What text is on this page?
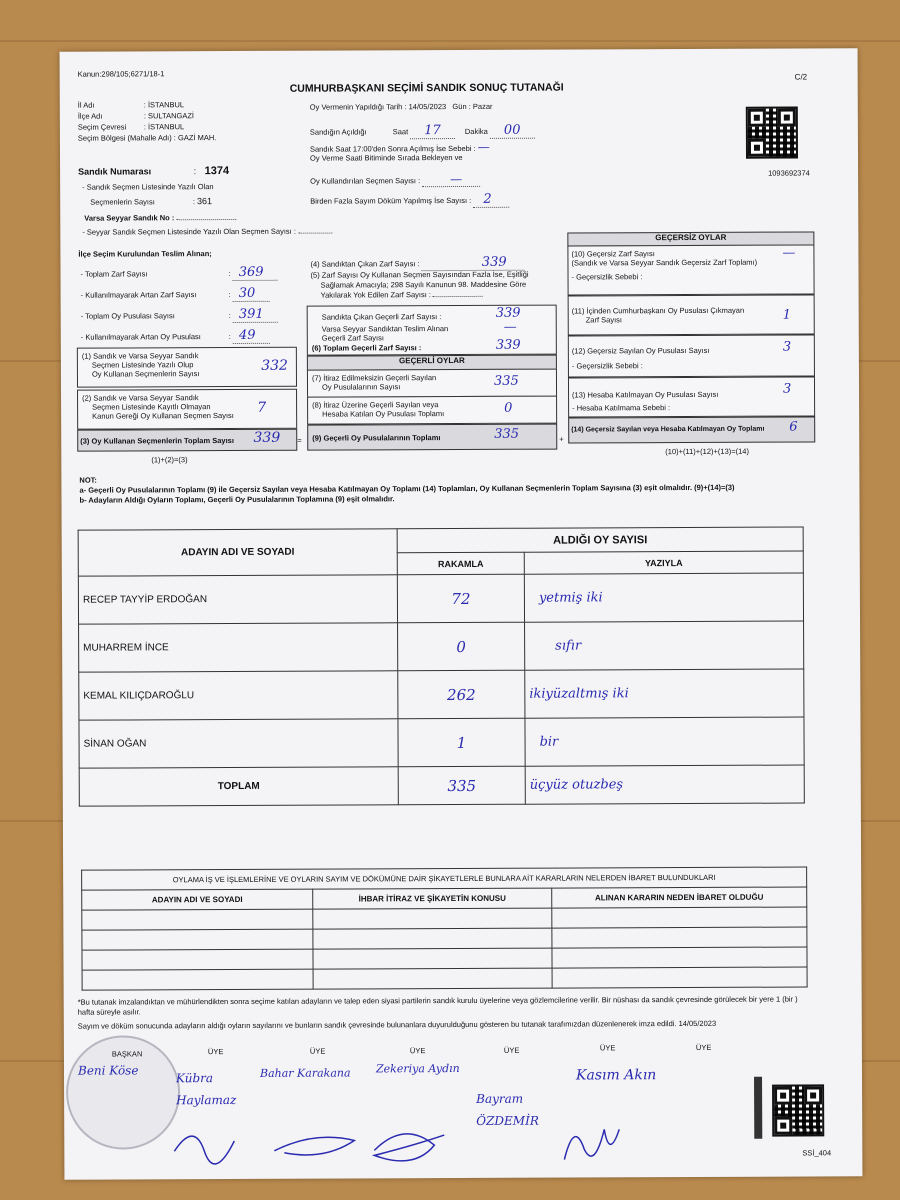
Kanun:298/105;6271/18-1
CUMHURBAŞKANI SEÇİMİ SANDIK SONUÇ TUTANAĞI
C/2
1093692374
İl Adı	: İSTANBUL
İlçe Adı	: SULTANGAZİ
Seçim Çevresi : İSTANBUL
Seçim Bölgesi (Mahalle Adı) : GAZİ MAH.
Oy Vermenin Yapıldığı Tarih : 14/05/2023 Gün : Pazar
Sandığın Açıldığı	Saat 17	Dakika 00
Sandık Saat 17:00'den Sonra Açılmış İse Sebebi : —
Oy Verme Saati Bitiminde Sırada Bekleyen ve
Oy Kullandırılan Seçmen Sayısı : —
Birden Fazla Sayım Döküm Yapılmış İse Sayısı : 2
Sandık Numarası	: 1374
- Sandık Seçmen Listesinde Yazılı Olan
Seçmenlerin Sayısı	: 361
Varsa Seyyar Sandık No :
- Seyyar Sandık Seçmen Listesinde Yazılı Olan Seçmen Sayısı :
İlçe Seçim Kurulundan Teslim Alınan;
- Toplam Zarf Sayısı	: 369
- Kullanılmayarak Artan Zarf Sayısı	: 30
- Toplam Oy Pusulası Sayısı	: 391
- Kullanılmayarak Artan Oy Pusulası	: 49
(1) Sandık ve Varsa Seyyar Sandık
Seçmen Listesinde Yazılı Olup
Oy Kullanan Seçmenlerin Sayısı
332
(2) Sandık ve Varsa Seyyar Sandık
Seçmen Listesinde Kayıtlı Olmayan
Kanun Gereği Oy Kullanan Seçmen Sayısı 7
(3) Oy Kullanan Seçmenlerin Toplam Sayısı 339 =
(1)+(2)=(3)
(4) Sandıktan Çıkan Zarf Sayısı :	339
(5) Zarf Sayısı Oy Kullanan Seçmen Sayısından Fazla İse, Eşitliği
Sağlamak Amacıyla; 298 Sayılı Kanunun 98. Maddesine Göre
Yakılarak Yok Edilen Zarf Sayısı :
Sandıkta Çıkan Geçerli Zarf Sayısı :	339
Varsa Seyyar Sandıktan Teslim Alınan
Geçerli Zarf Sayısı
—
(6) Toplam Geçerli Zarf Sayısı :	339
GEÇERLİ OYLAR
(7) İtiraz Edilmeksizin Geçerli Sayılan
Oy Pusulalarının Sayısı	335
(8) İtiraz Üzerine Geçerli Sayılan veya
Hesaba Katılan Oy Pusulası Toplamı	0
(9) Geçerli Oy Pusulalarının Toplamı	335	+
GEÇERSİZ OYLAR
(10) Geçersiz Zarf Sayısı
(Sandık ve Varsa Seyyar Sandık Geçersiz Zarf Toplamı)
—
- Geçersizlik Sebebi :
(11) İçinden Cumhurbaşkanı Oy Pusulası Çıkmayan
Zarf Sayısı	1
(12) Geçersiz Sayılan Oy Pusulası Sayısı	3
- Geçersizlik Sebebi :
(13) Hesaba Katılmayan Oy Pusulası Sayısı	3
- Hesaba Katılmama Sebebi :
(14) Geçersiz Sayılan veya Hesaba Katılmayan Oy Toplamı 6
(10)+(11)+(12)+(13)=(14)
NOT:
a- Geçerli Oy Pusulalarının Toplamı (9) ile Geçersiz Sayılan veya Hesaba Katılmayan Oy Toplamı (14) Toplamları, Oy Kullanan Seçmenlerin Toplam Sayısına (3) eşit olmalıdır. (9)+(14)=(3)
b- Adayların Aldığı Oyların Toplamı, Geçerli Oy Pusulalarının Toplamına (9) eşit olmalıdır.
ADAYIN ADI VE SOYADI	ALDIĞI OY SAYISI	
	RAKAMLA	YAZIYLA
RECEP TAYYİP ERDOĞAN	72	yetmiş iki
MUHARREM İNCE	0	sıfır
KEMAL KILIÇDAROĞLU	262	ikiyüzaltmış iki
SİNAN OĞAN	1	bir
TOPLAM	335	üçyüz otuzbeş
OYLAMA İŞ VE İŞLEMLERİNE VE OYLARIN SAYIM VE DÖKÜMÜNE DAİR ŞİKAYETLERLE BUNLARA AİT KARARLARIN NELERDEN İBARET BULUNDUKLARI		
ADAYIN ADI VE SOYADI	İHBAR İTİRAZ VE ŞİKAYETİN KONUSU	ALINAN KARARIN NEDEN İBARET OLDUĞU

*Bu tutanak imzalandıktan ve mühürlendikten sonra seçime katılan adayların ve talep eden siyasi partilerin sandık kurulu üyelerine veya gözlemcilerine verilir. Bir nüshası da sandık çevresinde görülecek bir yere 1 (bir ) hafta süreyle asılır.
Sayım ve döküm sonucunda adayların aldığı oyların sayılarını ve bunların sandık çevresinde bulunanlara duyurulduğunu gösteren bu tutanak tarafımızdan düzenlenerek imza edildi. 14/05/2023
BAŞKAN	ÜYE	ÜYE	ÜYE	ÜYE	ÜYE	ÜYE
Beni Köse
Kübra Haylamaz
Bahar Karakana Zekeriya Aydın
Bayram ÖZDEMİR
Kasım Akın
SSİ_404
